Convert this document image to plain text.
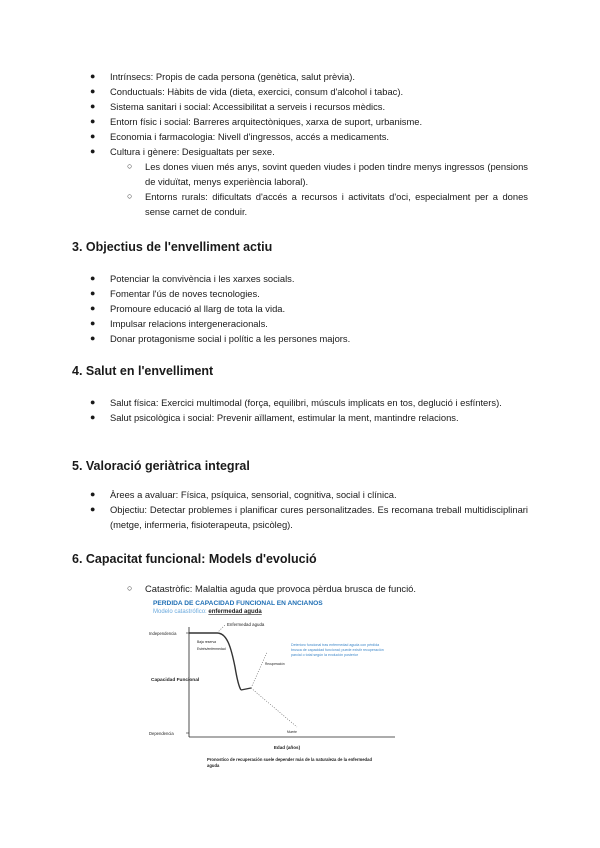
● Intrínsecs: Propis de cada persona (genètica, salut prèvia).
● Conductuals: Hàbits de vida (dieta, exercici, consum d'alcohol i tabac).
● Sistema sanitari i social: Accessibilitat a serveis i recursos mèdics.
● Entorn físic i social: Barreres arquitectòniques, xarxa de suport, urbanisme.
● Economia i farmacologia: Nivell d'ingressos, accés a medicaments.
● Cultura i gènere: Desigualtats per sexe.
○ Les dones viuen més anys, sovint queden viudes i poden tindre menys ingressos (pensions de viduïtat, menys experiència laboral).
○ Entorns rurals: dificultats d'accés a recursos i activitats d'oci, especialment per a dones sense carnet de conduir.
3. Objectius de l'envelliment actiu
● Potenciar la convivència i les xarxes socials.
● Fomentar l'ús de noves tecnologies.
● Promoure educació al llarg de tota la vida.
● Impulsar relacions intergeneracionals.
● Donar protagonisme social i polític a les persones majors.
4. Salut en l'envelliment
● Salut física: Exercici multimodal (força, equilibri, músculs implicats en tos, deglució i esfínters).
● Salut psicològica i social: Prevenir aïllament, estimular la ment, mantindre relacions.
5. Valoració geriàtrica integral
● Àrees a avaluar: Física, psíquica, sensorial, cognitiva, social i clínica.
● Objectiu: Detectar problemes i planificar cures personalitzades. Es recomana treball multidisciplinari (metge, infermeria, fisioterapeuta, psicòleg).
6. Capacitat funcional: Models d'evolució
○ Catastròfic: Malaltia aguda que provoca pèrdua brusca de funció.
PERDIDA DE CAPACIDAD FUNCIONAL EN ANCIANOS
Modelo catastrófico: enfermedad aguda
Independencia
Dependencia
Capacidad Funcional
Enfermedad aguda
Baja reserva
Estrés/enfermedad
Recuperación
Muerte
Deterioro funcional tras enfermedad aguda con pérdida brusca de capacidad funcional; puede existir recuperación parcial o total según la evolución posterior
Edad (años)
Pronostico de recuperación suele depender más de la naturaleza de la enfermedad aguda
